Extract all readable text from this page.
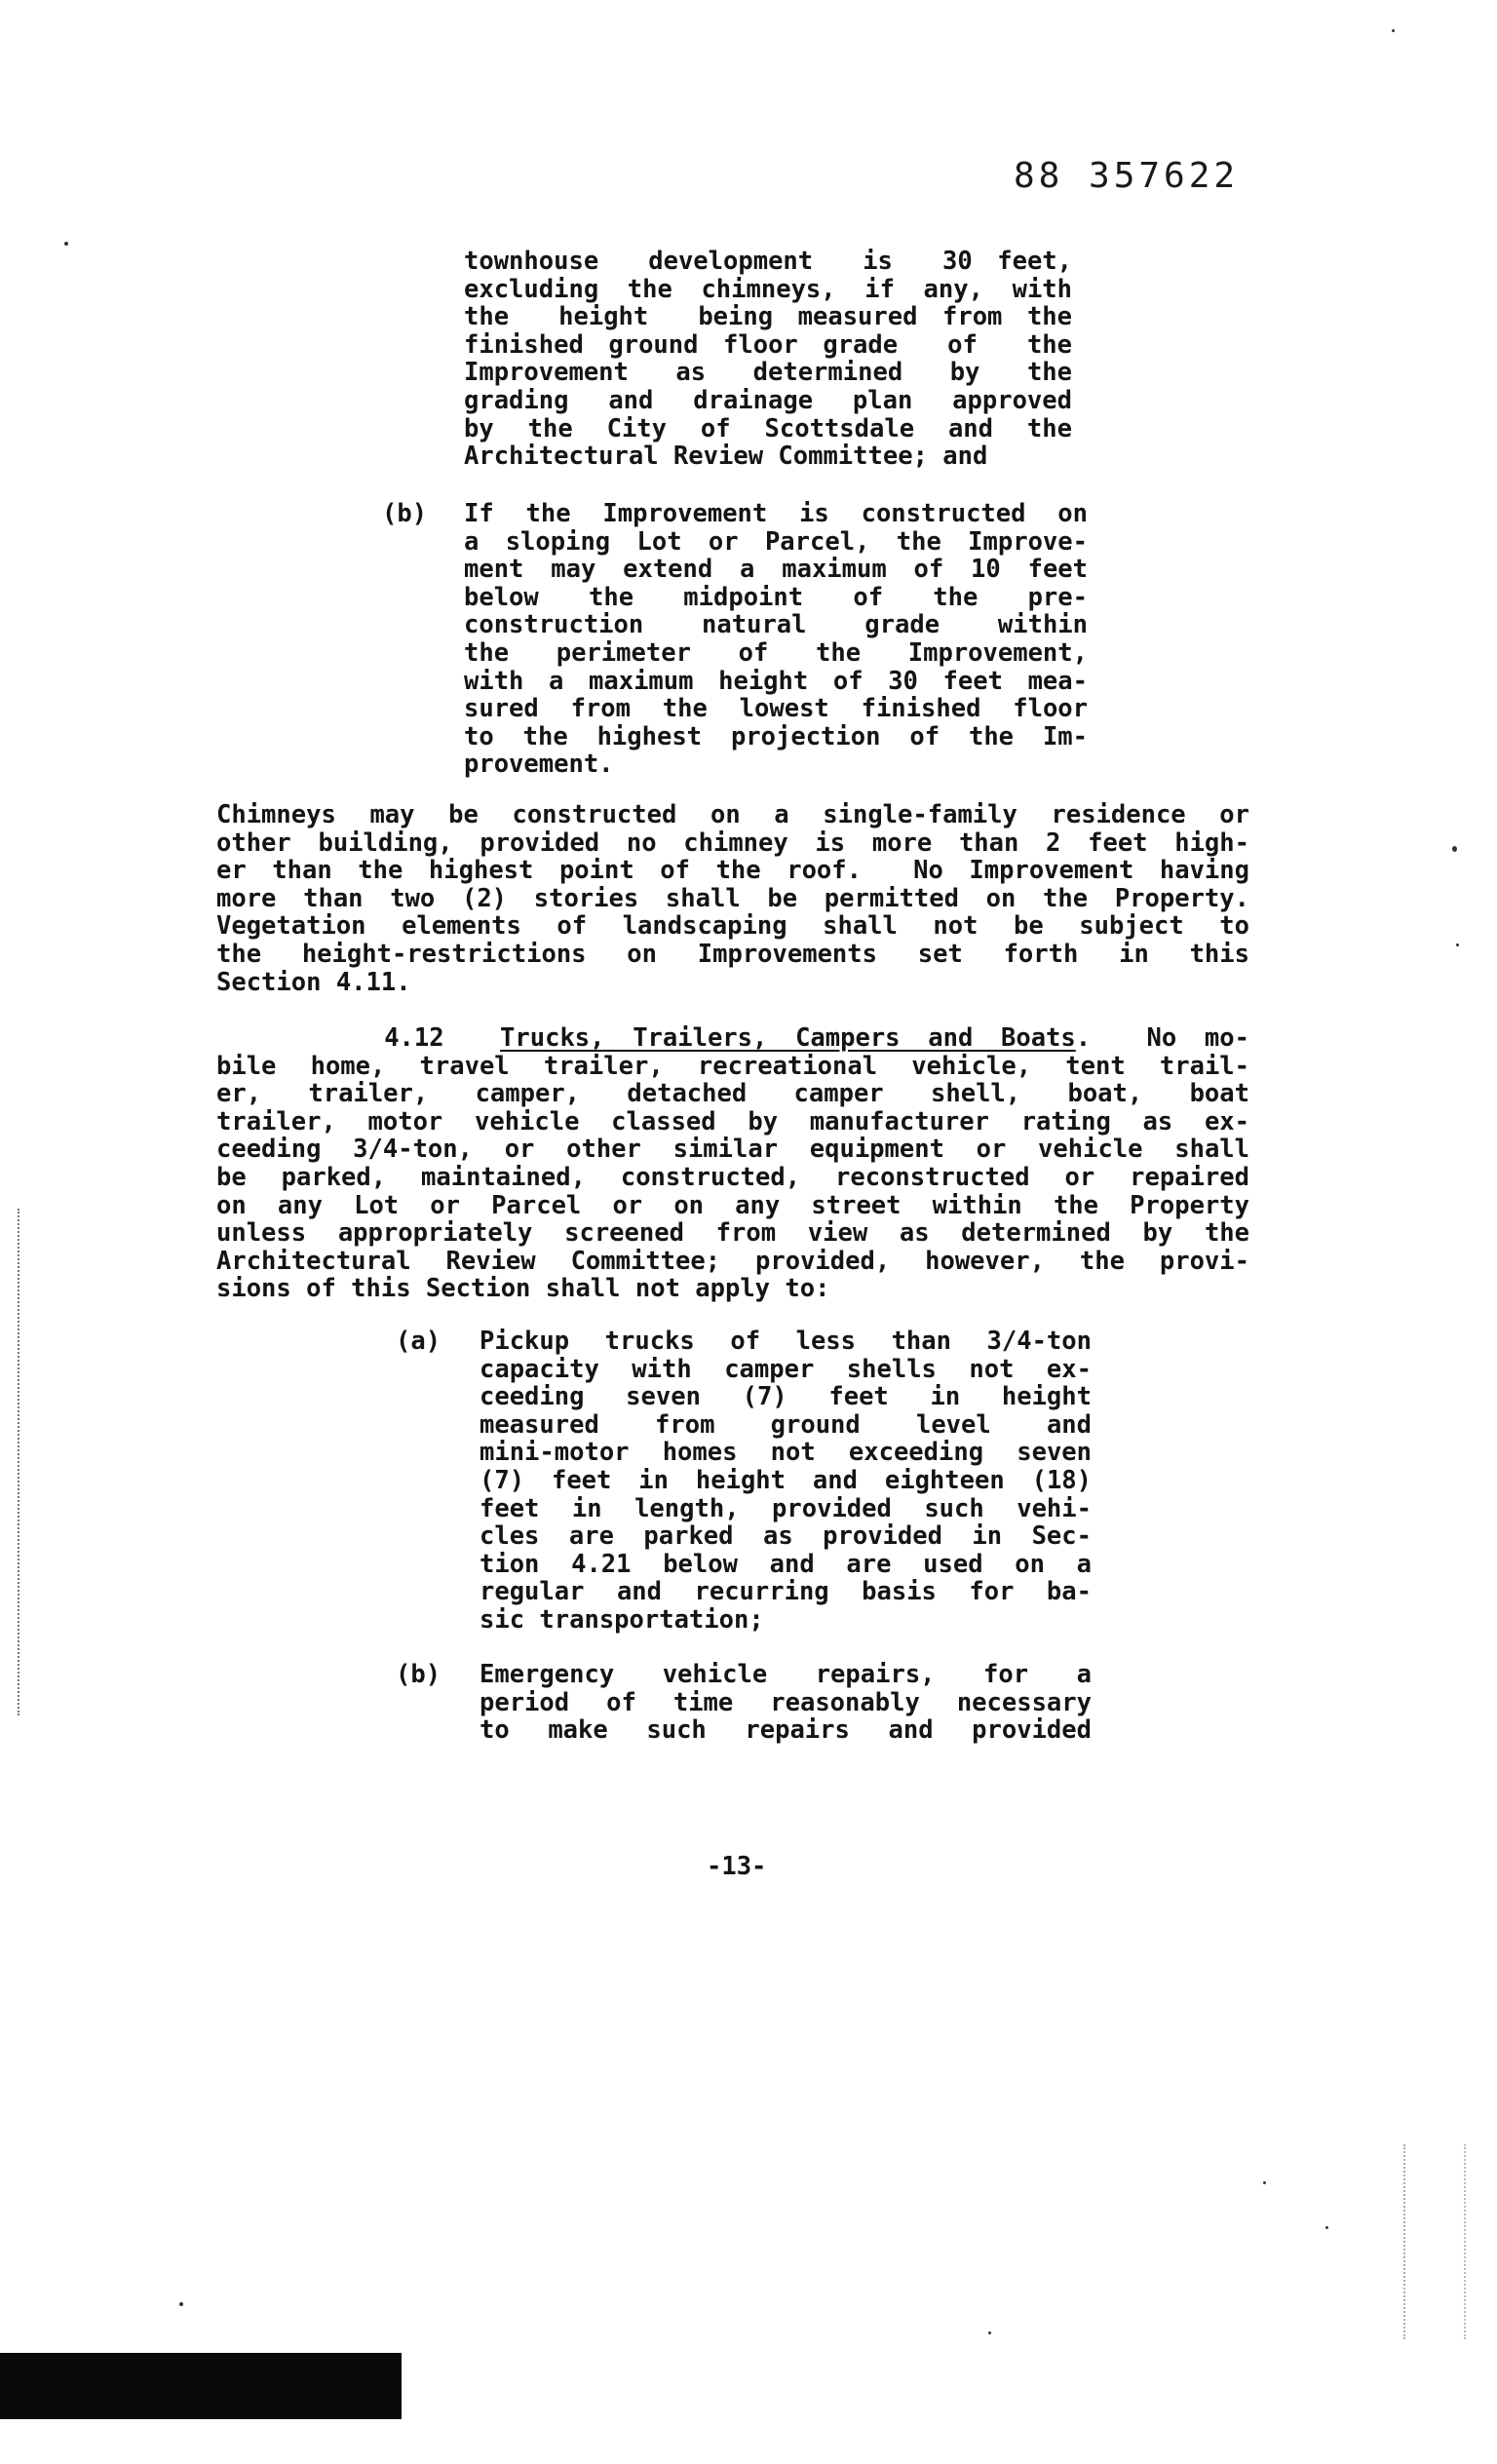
88 357622
townhouse  development  is  30 feet,
excluding the chimneys, if any, with
the  height  being measured from the
finished ground floor grade  of  the
Improvement  as  determined  by  the
grading and drainage plan approved
by the City of Scottsdale and the
Architectural Review Committee; and
(b) If the Improvement is constructed on
a sloping Lot or Parcel, the Improve-
ment may extend a maximum of 10 feet
below  the  midpoint  of  the  pre-
construction  natural  grade  within
the  perimeter  of  the  Improvement,
with a maximum height of 30 feet mea-
sured from the lowest finished floor
to the highest projection of the Im-
provement.
Chimneys may be constructed on a single-family residence or
other building, provided no chimney is more than 2 feet high-
er than the highest point of the roof.  No Improvement having
more than two (2) stories shall be permitted on the Property.
Vegetation elements of landscaping shall not be subject to
the height-restrictions on Improvements set forth in this
Section 4.11.
4.12 Trucks, Trailers, Campers and Boats.  No mo-
bile home, travel trailer, recreational vehicle, tent trail-
er, trailer, camper, detached camper shell, boat, boat
trailer, motor vehicle classed by manufacturer rating as ex-
ceeding 3/4-ton, or other similar equipment or vehicle shall
be parked, maintained, constructed, reconstructed or repaired
on any Lot or Parcel or on any street within the Property
unless appropriately screened from view as determined by the
Architectural Review Committee; provided, however, the provi-
sions of this Section shall not apply to:
(a) Pickup trucks of less than 3/4-ton
capacity with camper shells not ex-
ceeding  seven  (7)  feet  in  height
measured   from   ground   level   and
mini-motor homes not exceeding seven
(7) feet in height and eighteen (18)
feet in length, provided such vehi-
cles are parked as provided in Sec-
tion 4.21 below and are used on a
regular and recurring basis for ba-
sic transportation;
(b) Emergency  vehicle  repairs,  for  a
period of time reasonably necessary
to make such repairs and provided
-13-
